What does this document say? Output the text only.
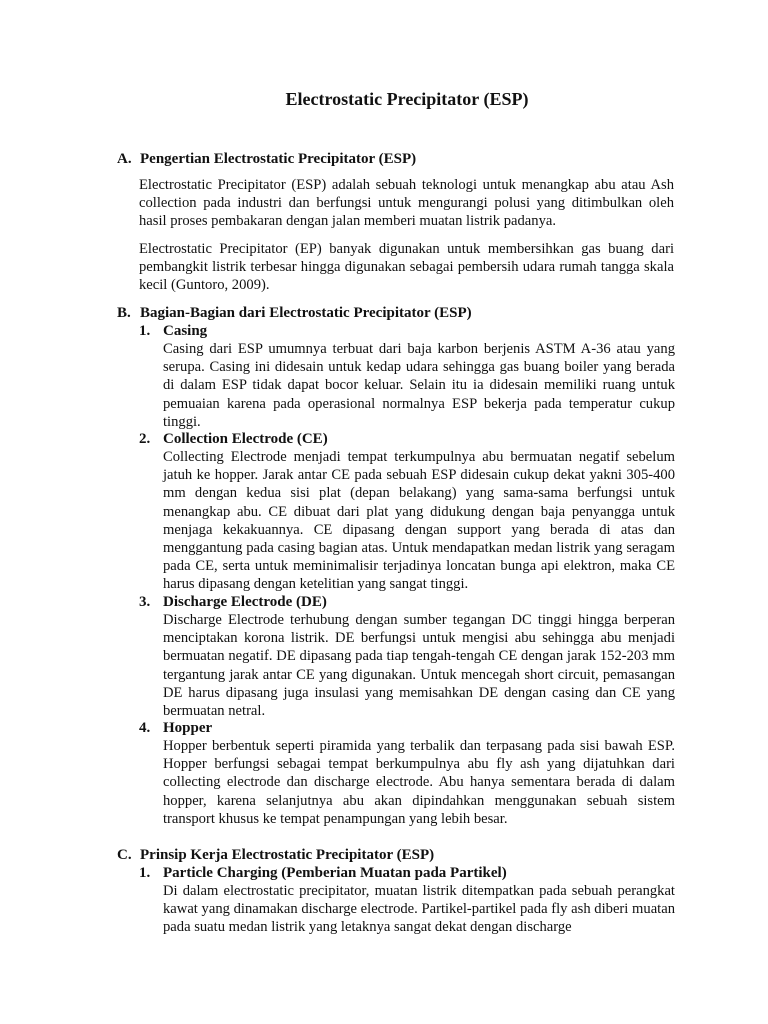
Electrostatic Precipitator (ESP)
A. Pengertian Electrostatic Precipitator (ESP)

Electrostatic Precipitator (ESP) adalah sebuah teknologi untuk menangkap abu atau Ash collection pada industri dan berfungsi untuk mengurangi polusi yang ditimbulkan oleh hasil proses pembakaran dengan jalan memberi muatan listrik padanya.

Electrostatic Precipitator (EP) banyak digunakan untuk membersihkan gas buang dari pembangkit listrik terbesar hingga digunakan sebagai pembersih udara rumah tangga skala kecil (Guntoro, 2009).

B. Bagian-Bagian dari Electrostatic Precipitator (ESP)
1. Casing

Casing dari ESP umumnya terbuat dari baja karbon berjenis ASTM A-36 atau yang serupa. Casing ini didesain untuk kedap udara sehingga gas buang boiler yang berada di dalam ESP tidak dapat bocor keluar. Selain itu ia didesain memiliki ruang untuk pemuaian karena pada operasional normalnya ESP bekerja pada temperatur cukup tinggi.

2. Collection Electrode (CE)

Collecting Electrode menjadi tempat terkumpulnya abu bermuatan negatif sebelum jatuh ke hopper. Jarak antar CE pada sebuah ESP didesain cukup dekat yakni 305-400 mm dengan kedua sisi plat (depan belakang) yang sama-sama berfungsi untuk menangkap abu. CE dibuat dari plat yang didukung dengan baja penyangga untuk menjaga kekakuannya. CE dipasang dengan support yang berada di atas dan menggantung pada casing bagian atas. Untuk mendapatkan medan listrik yang seragam pada CE, serta untuk meminimalisir terjadinya loncatan bunga api elektron, maka CE harus dipasang dengan ketelitian yang sangat tinggi.

3. Discharge Electrode (DE)

Discharge Electrode terhubung dengan sumber tegangan DC tinggi hingga berperan menciptakan korona listrik. DE berfungsi untuk mengisi abu sehingga abu menjadi bermuatan negatif. DE dipasang pada tiap tengah-tengah CE dengan jarak 152-203 mm tergantung jarak antar CE yang digunakan. Untuk mencegah short circuit, pemasangan DE harus dipasang juga insulasi yang memisahkan DE dengan casing dan CE yang bermuatan netral.

4. Hopper

Hopper berbentuk seperti piramida yang terbalik dan terpasang pada sisi bawah ESP. Hopper berfungsi sebagai tempat berkumpulnya abu fly ash yang dijatuhkan dari collecting electrode dan discharge electrode. Abu hanya sementara berada di dalam hopper, karena selanjutnya abu akan dipindahkan menggunakan sebuah sistem transport khusus ke tempat penampungan yang lebih besar.

C. Prinsip Kerja Electrostatic Precipitator (ESP)
1. Particle Charging (Pemberian Muatan pada Partikel)

Di dalam electrostatic precipitator, muatan listrik ditempatkan pada sebuah perangkat kawat yang dinamakan discharge electrode. Partikel-partikel pada fly ash diberi muatan pada suatu medan listrik yang letaknya sangat dekat dengan discharge
